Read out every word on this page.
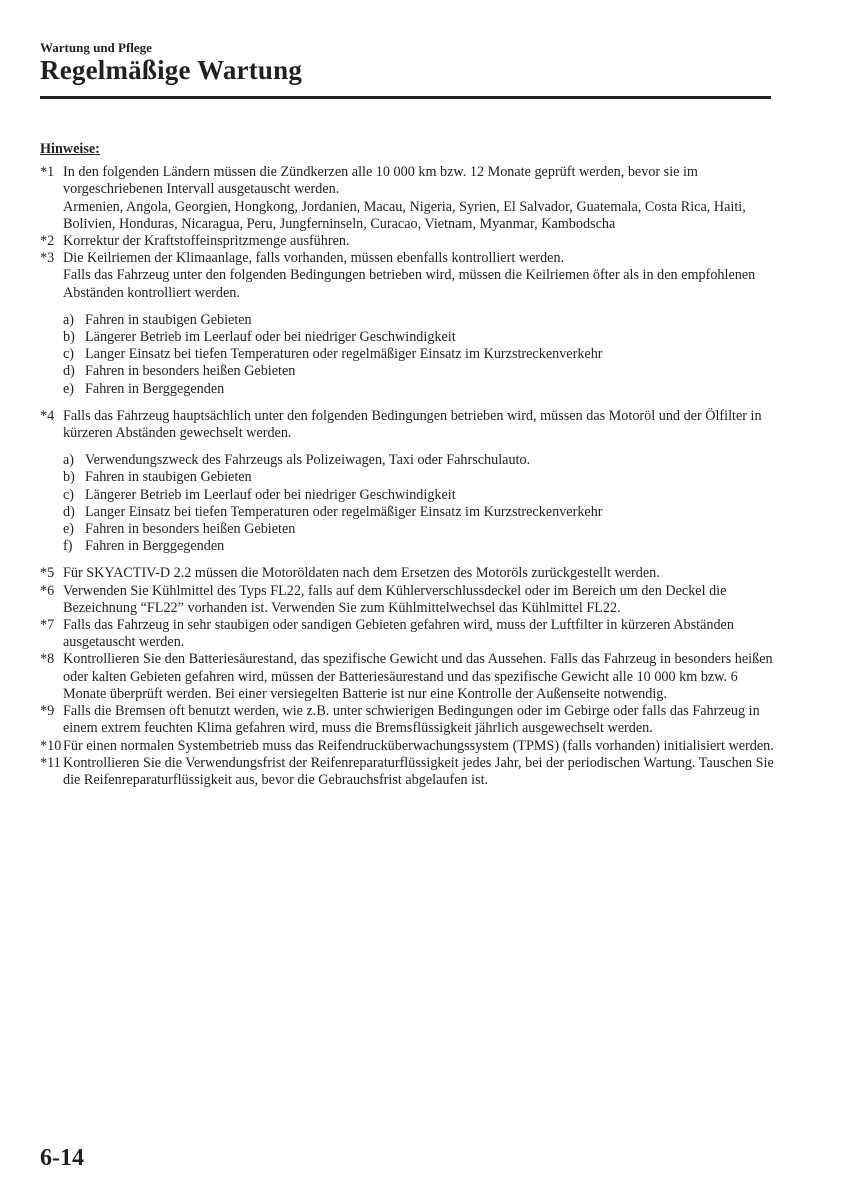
Wartung und Pflege
Regelmäßige Wartung
Hinweise:
*1 In den folgenden Ländern müssen die Zündkerzen alle 10 000 km bzw. 12 Monate geprüft werden, bevor sie im vorgeschriebenen Intervall ausgetauscht werden.

Armenien, Angola, Georgien, Hongkong, Jordanien, Macau, Nigeria, Syrien, El Salvador, Guatemala, Costa Rica, Haiti, Bolivien, Honduras, Nicaragua, Peru, Jungferninseln, Curacao, Vietnam, Myanmar, Kambodscha

*2 Korrektur der Kraftstoffeinspritzmenge ausführen.

*3 Die Keilriemen der Klimaanlage, falls vorhanden, müssen ebenfalls kontrolliert werden.

Falls das Fahrzeug unter den folgenden Bedingungen betrieben wird, müssen die Keilriemen öfter als in den empfohlenen Abständen kontrolliert werden.

a) Fahren in staubigen Gebieten
b) Längerer Betrieb im Leerlauf oder bei niedriger Geschwindigkeit
c) Langer Einsatz bei tiefen Temperaturen oder regelmäßiger Einsatz im Kurzstreckenverkehr
d) Fahren in besonders heißen Gebieten
e) Fahren in Berggegenden
*4 Falls das Fahrzeug hauptsächlich unter den folgenden Bedingungen betrieben wird, müssen das Motoröl und der Ölfilter in kürzeren Abständen gewechselt werden.

a) Verwendungszweck des Fahrzeugs als Polizeiwagen, Taxi oder Fahrschulauto.
b) Fahren in staubigen Gebieten
c) Längerer Betrieb im Leerlauf oder bei niedriger Geschwindigkeit
d) Langer Einsatz bei tiefen Temperaturen oder regelmäßiger Einsatz im Kurzstreckenverkehr
e) Fahren in besonders heißen Gebieten
f) Fahren in Berggegenden
*5 Für SKYACTIV-D 2.2 müssen die Motoröldaten nach dem Ersetzen des Motoröls zurückgestellt werden.

*6 Verwenden Sie Kühlmittel des Typs FL22, falls auf dem Kühlerverschlussdeckel oder im Bereich um den Deckel die Bezeichnung “FL22” vorhanden ist. Verwenden Sie zum Kühlmittelwechsel das Kühlmittel FL22.

*7 Falls das Fahrzeug in sehr staubigen oder sandigen Gebieten gefahren wird, muss der Luftfilter in kürzeren Abständen ausgetauscht werden.

*8 Kontrollieren Sie den Batteriesäurestand, das spezifische Gewicht und das Aussehen. Falls das Fahrzeug in besonders heißen oder kalten Gebieten gefahren wird, müssen der Batteriesäurestand und das spezifische Gewicht alle 10 000 km bzw. 6 Monate überprüft werden. Bei einer versiegelten Batterie ist nur eine Kontrolle der Außenseite notwendig.

*9 Falls die Bremsen oft benutzt werden, wie z.B. unter schwierigen Bedingungen oder im Gebirge oder falls das Fahrzeug in einem extrem feuchten Klima gefahren wird, muss die Bremsflüssigkeit jährlich ausgewechselt werden.

*10 Für einen normalen Systembetrieb muss das Reifendrucküberwachungssystem (TPMS) (falls vorhanden) initialisiert werden.

*11 Kontrollieren Sie die Verwendungsfrist der Reifenreparaturflüssigkeit jedes Jahr, bei der periodischen Wartung. Tauschen Sie die Reifenreparaturflüssigkeit aus, bevor die Gebrauchsfrist abgelaufen ist.

6-14
